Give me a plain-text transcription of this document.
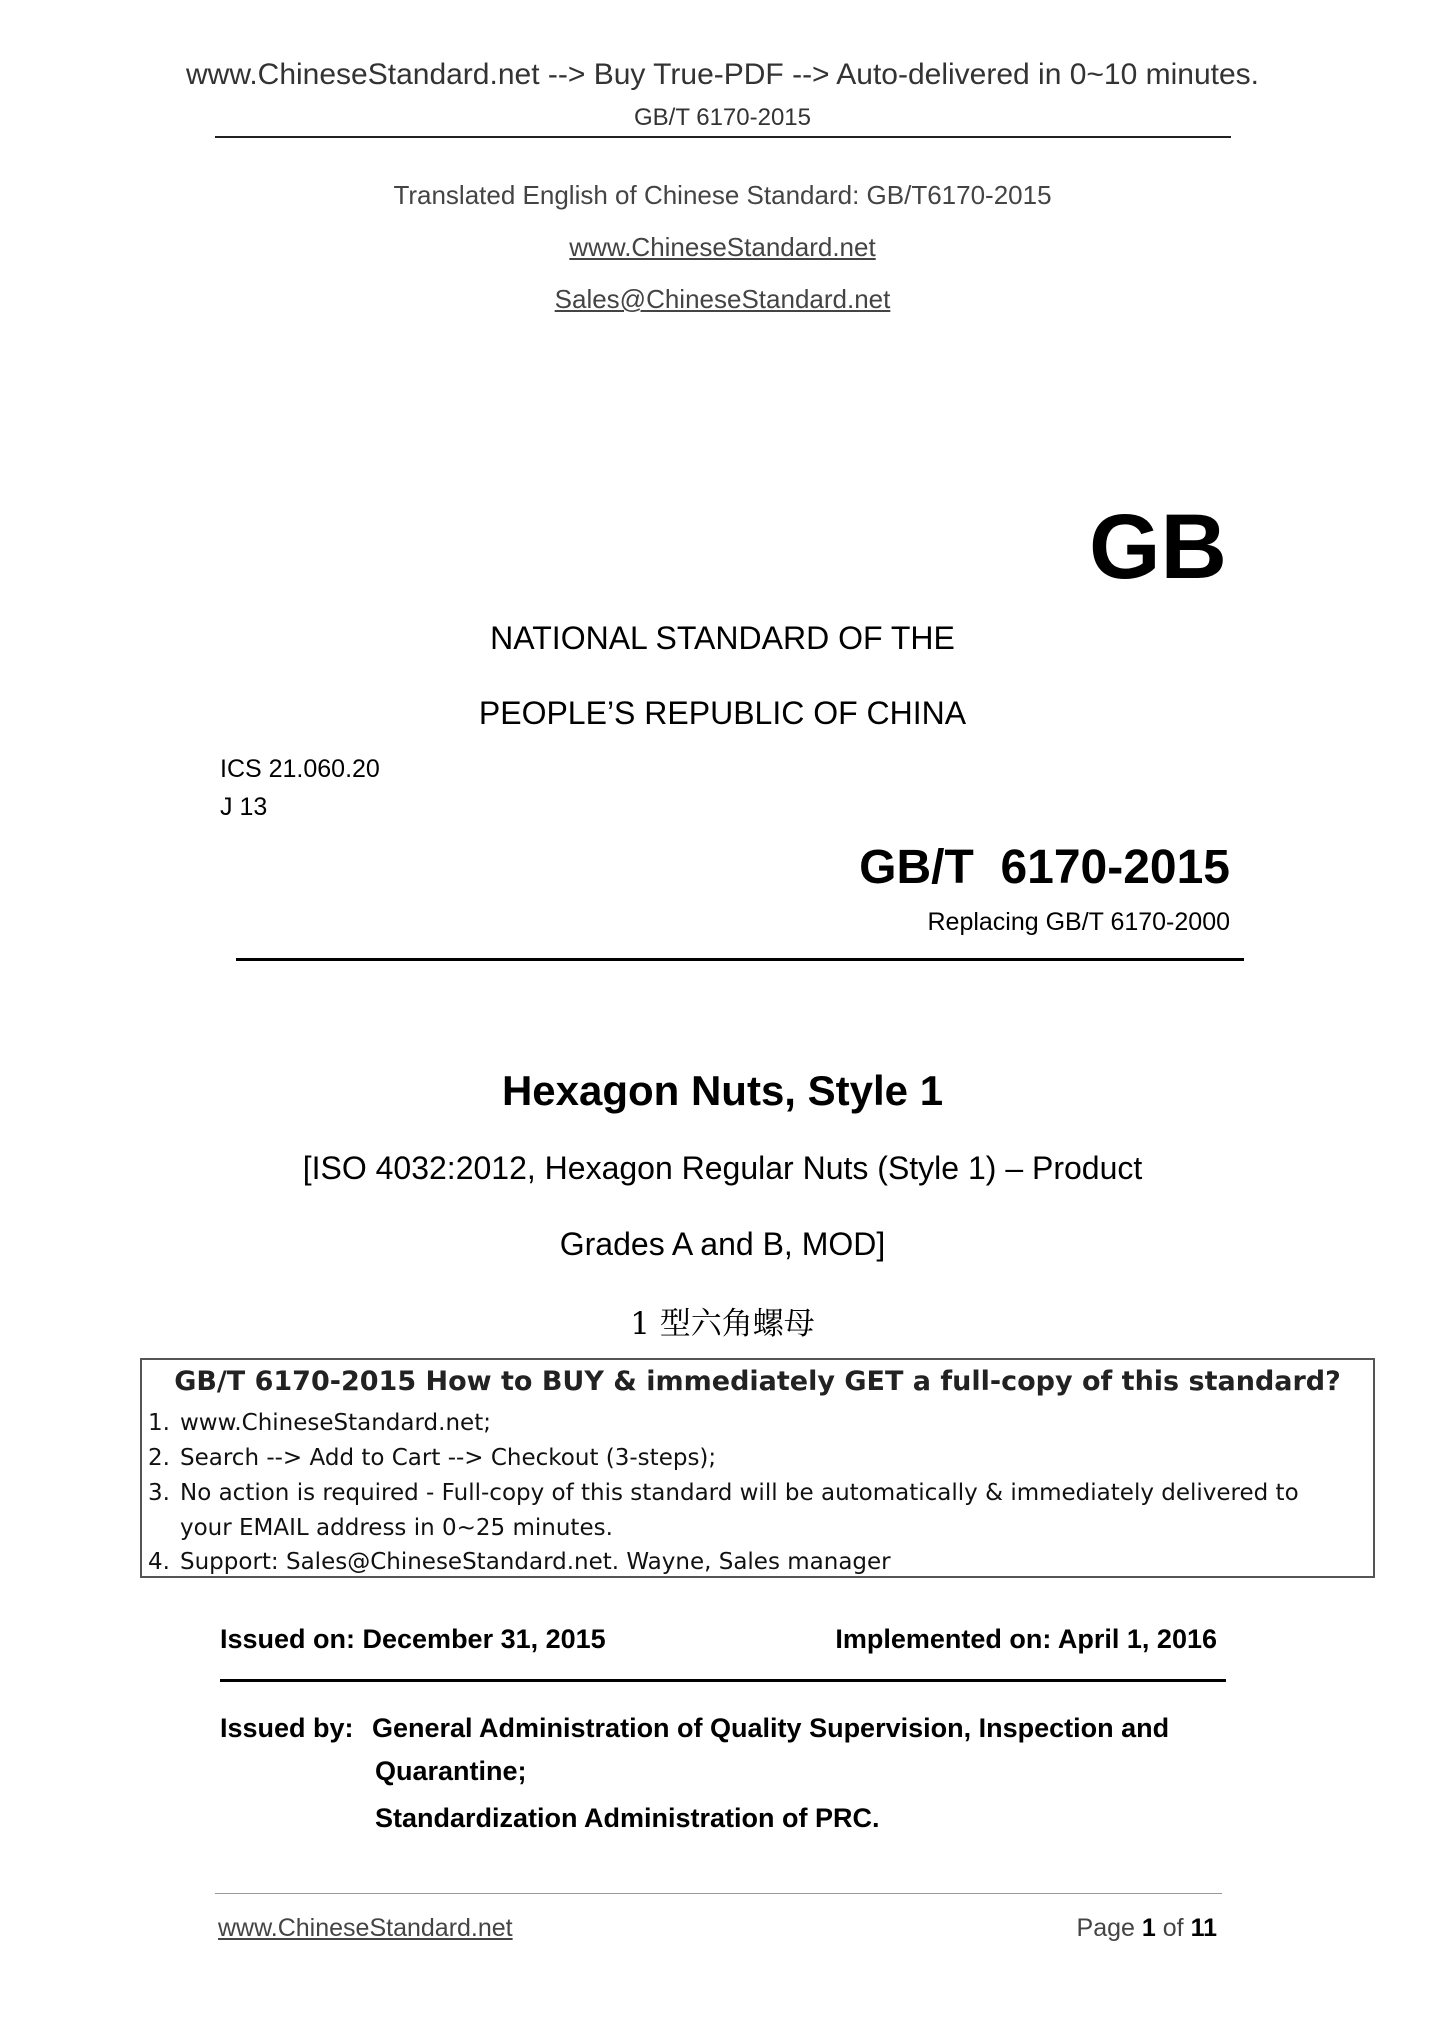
www.ChineseStandard.net --> Buy True-PDF --> Auto-delivered in 0~10 minutes.
GB/T 6170-2015
Translated English of Chinese Standard: GB/T6170-2015
www.ChineseStandard.net
Sales@ChineseStandard.net
GB
NATIONAL STANDARD OF THE
PEOPLE’S REPUBLIC OF CHINA
ICS 21.060.20
J 13
GB/T  6170-2015
Replacing GB/T 6170-2000
Hexagon Nuts, Style 1
[ISO 4032:2012, Hexagon Regular Nuts (Style 1) – Product
Grades A and B, MOD]
1 型六角螺母
GB/T 6170-2015 How to BUY & immediately GET a full-copy of this standard?
1. www.ChineseStandard.net;
2. Search --> Add to Cart --> Checkout (3-steps);
3. No action is required - Full-copy of this standard will be automatically & immediately delivered to
your EMAIL address in 0~25 minutes.
4. Support: Sales@ChineseStandard.net. Wayne, Sales manager
Issued on: December 31, 2015	Implemented on: April 1, 2016
Issued by: General Administration of Quality Supervision, Inspection and
Quarantine;
Standardization Administration of PRC.
www.ChineseStandard.net	Page 1 of 11
